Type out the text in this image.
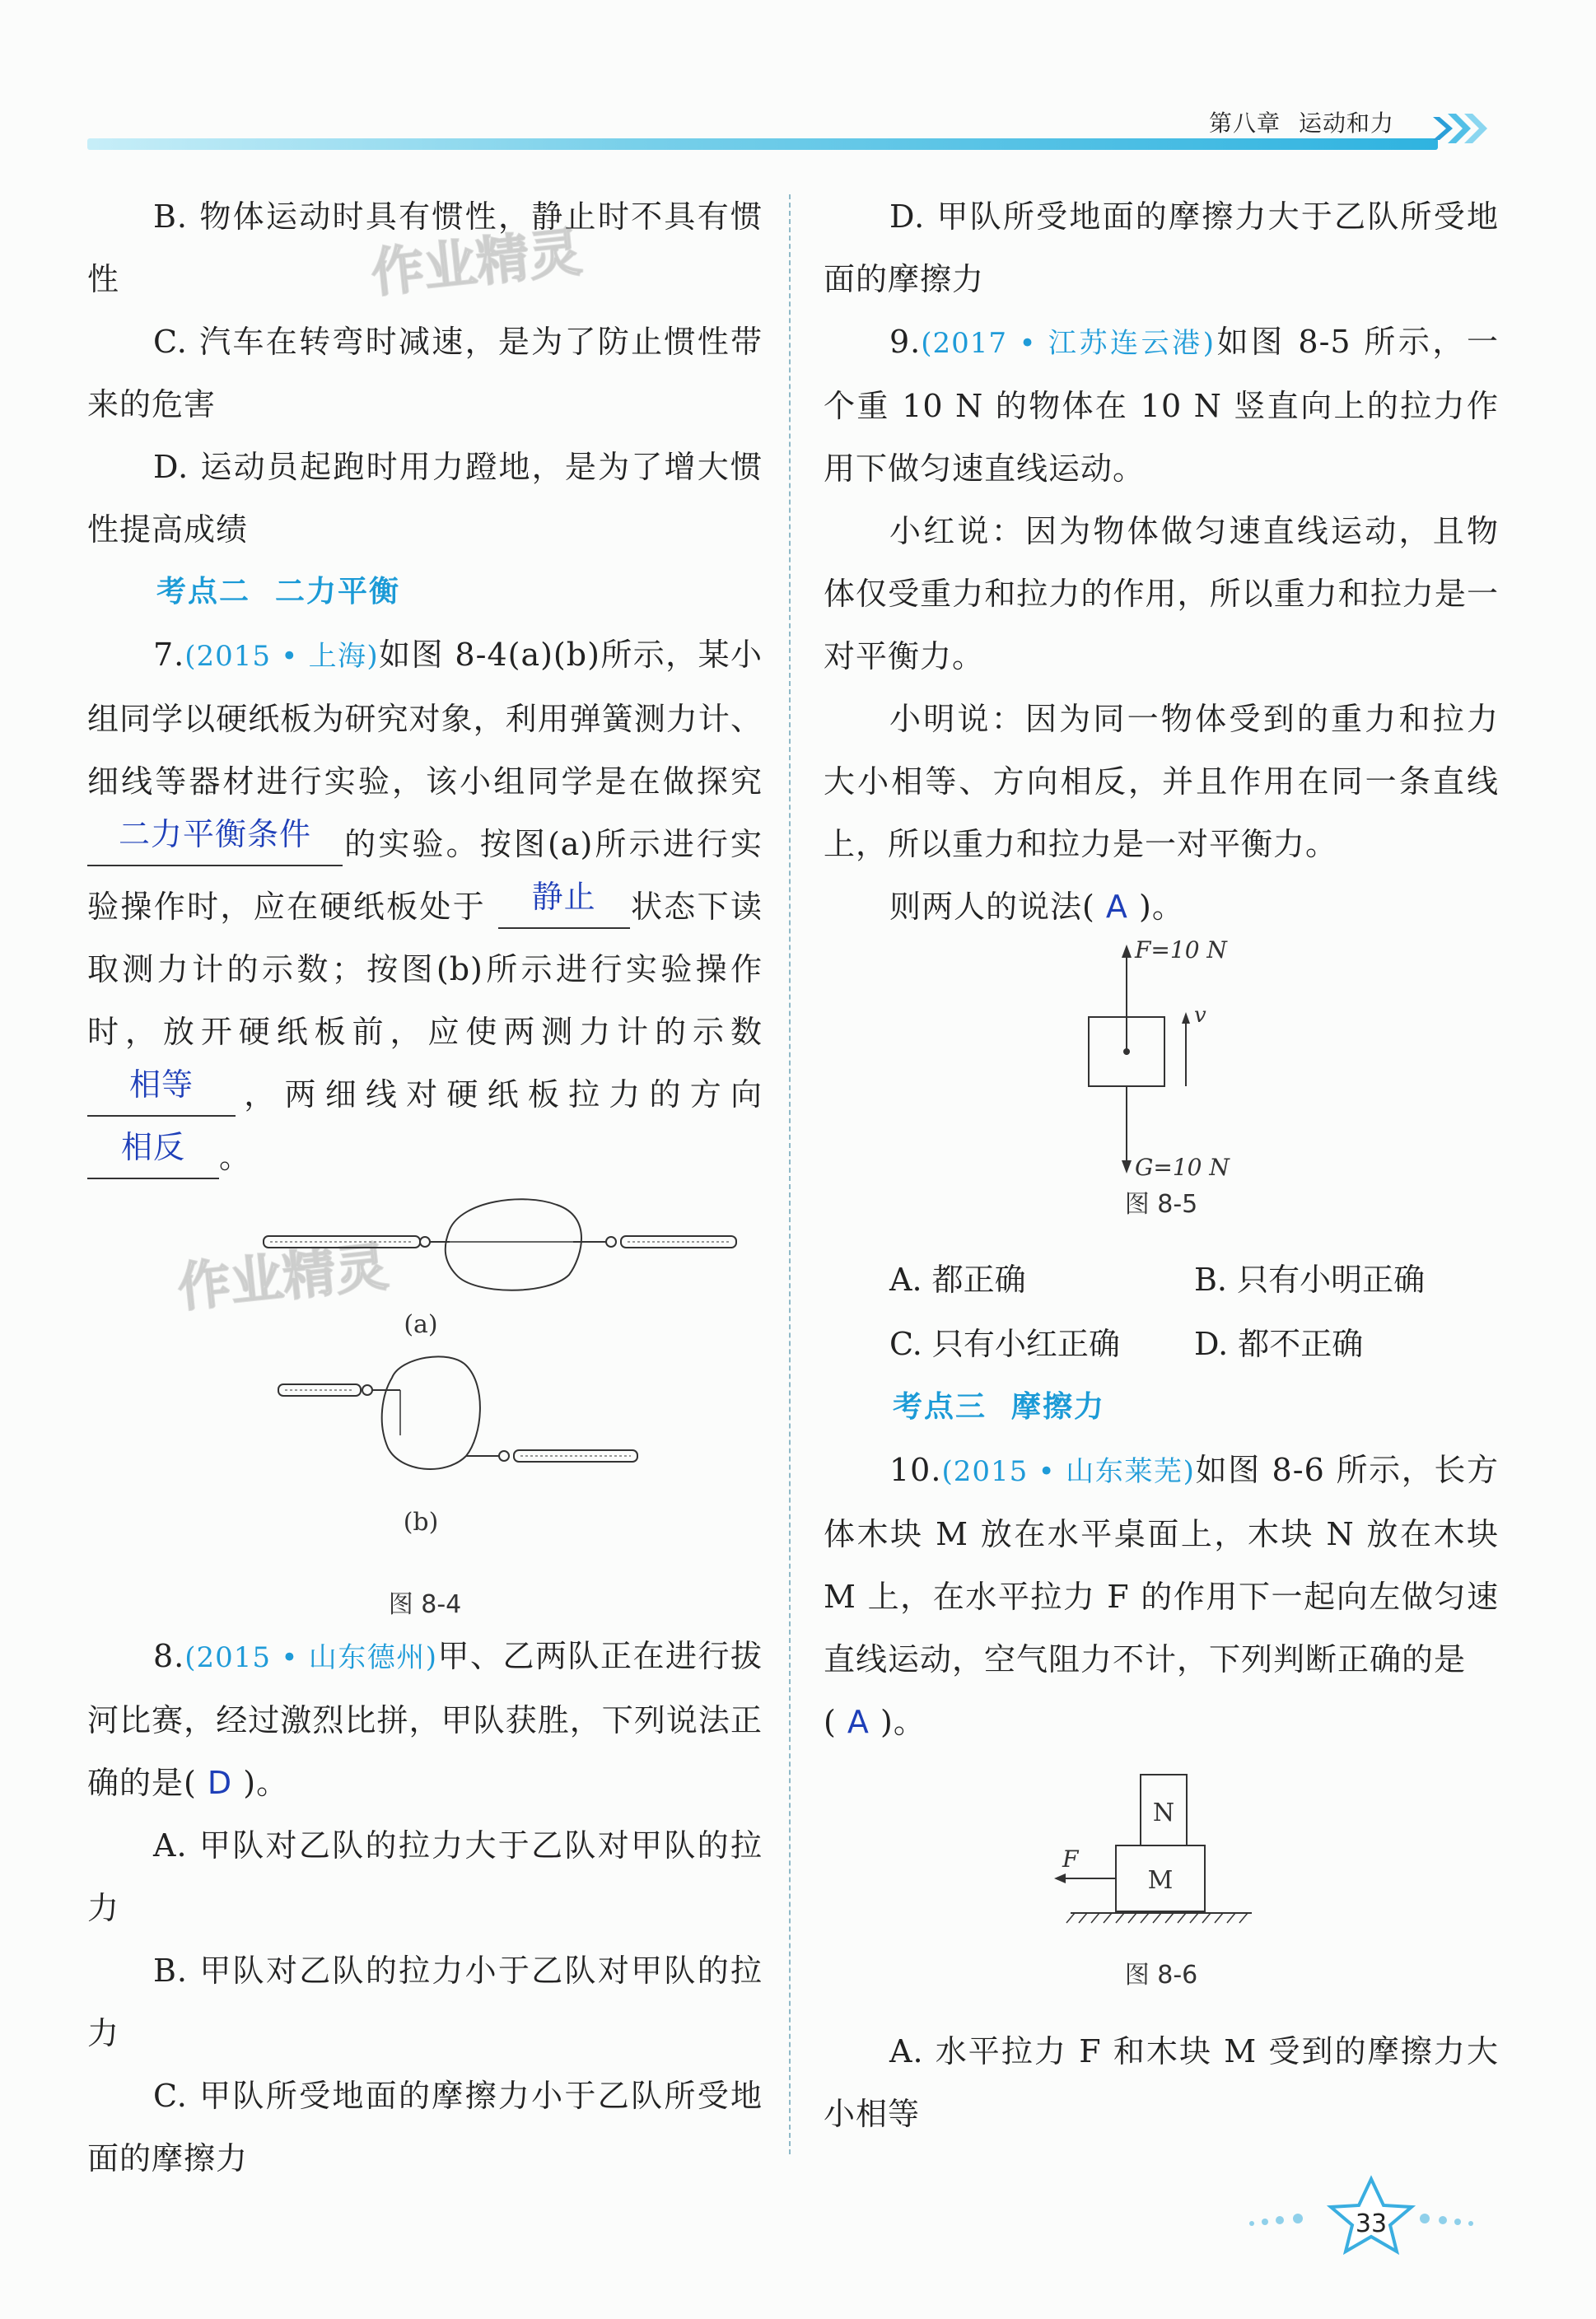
第八章 运动和力
作业精灵
作业精灵

B. 物体运动时具有惯性，静止时不具有惯性

C. 汽车在转弯时减速，是为了防止惯性带来的危害

D. 运动员起跑时用力蹬地，是为了增大惯性提高成绩

考点二 二力平衡

7.(2015 • 上海)如图 8-4(a)(b)所示，某小组同学以硬纸板为研究对象，利用弹簧测力计、细线等器材进行实验，该小组同学是在做探究 二力平衡条件 的实验。按图(a)所示进行实验操作时，应在硬纸板处于 静止 状态下读取测力计的示数；按图(b)所示进行实验操作时，放开硬纸板前，应使两测力计的示数 相等 ，两细线对硬纸板拉力的方向 相反 。

(a)
(b)
图 8-4

8.(2015 • 山东德州)甲、乙两队正在进行拔河比赛，经过激烈比拼，甲队获胜，下列说法正确的是( D )。

A. 甲队对乙队的拉力大于乙队对甲队的拉力

B. 甲队对乙队的拉力小于乙队对甲队的拉力

C. 甲队所受地面的摩擦力小于乙队所受地面的摩擦力

D. 甲队所受地面的摩擦力大于乙队所受地面的摩擦力

9.(2017 • 江苏连云港)如图 8-5 所示，一个重 10 N 的物体在 10 N 竖直向上的拉力作用下做匀速直线运动。

小红说：因为物体做匀速直线运动，且物体仅受重力和拉力的作用，所以重力和拉力是一对平衡力。

小明说：因为同一物体受到的重力和拉力大小相等、方向相反，并且作用在同一条直线上，所以重力和拉力是一对平衡力。

则两人的说法( A )。

F=10 N
G=10 N
v
图 8-5
A. 都正确	B. 只有小明正确
C. 只有小红正确	D. 都不正确
考点三 摩擦力

10.(2015 • 山东莱芜)如图 8-6 所示，长方体木块 M 放在水平桌面上，木块 N 放在木块 M 上，在水平拉力 F 的作用下一起向左做匀速直线运动，空气阻力不计，下列判断正确的是

( A )。

N
M
F
图 8-6

A. 水平拉力 F 和木块 M 受到的摩擦力大小相等

33
